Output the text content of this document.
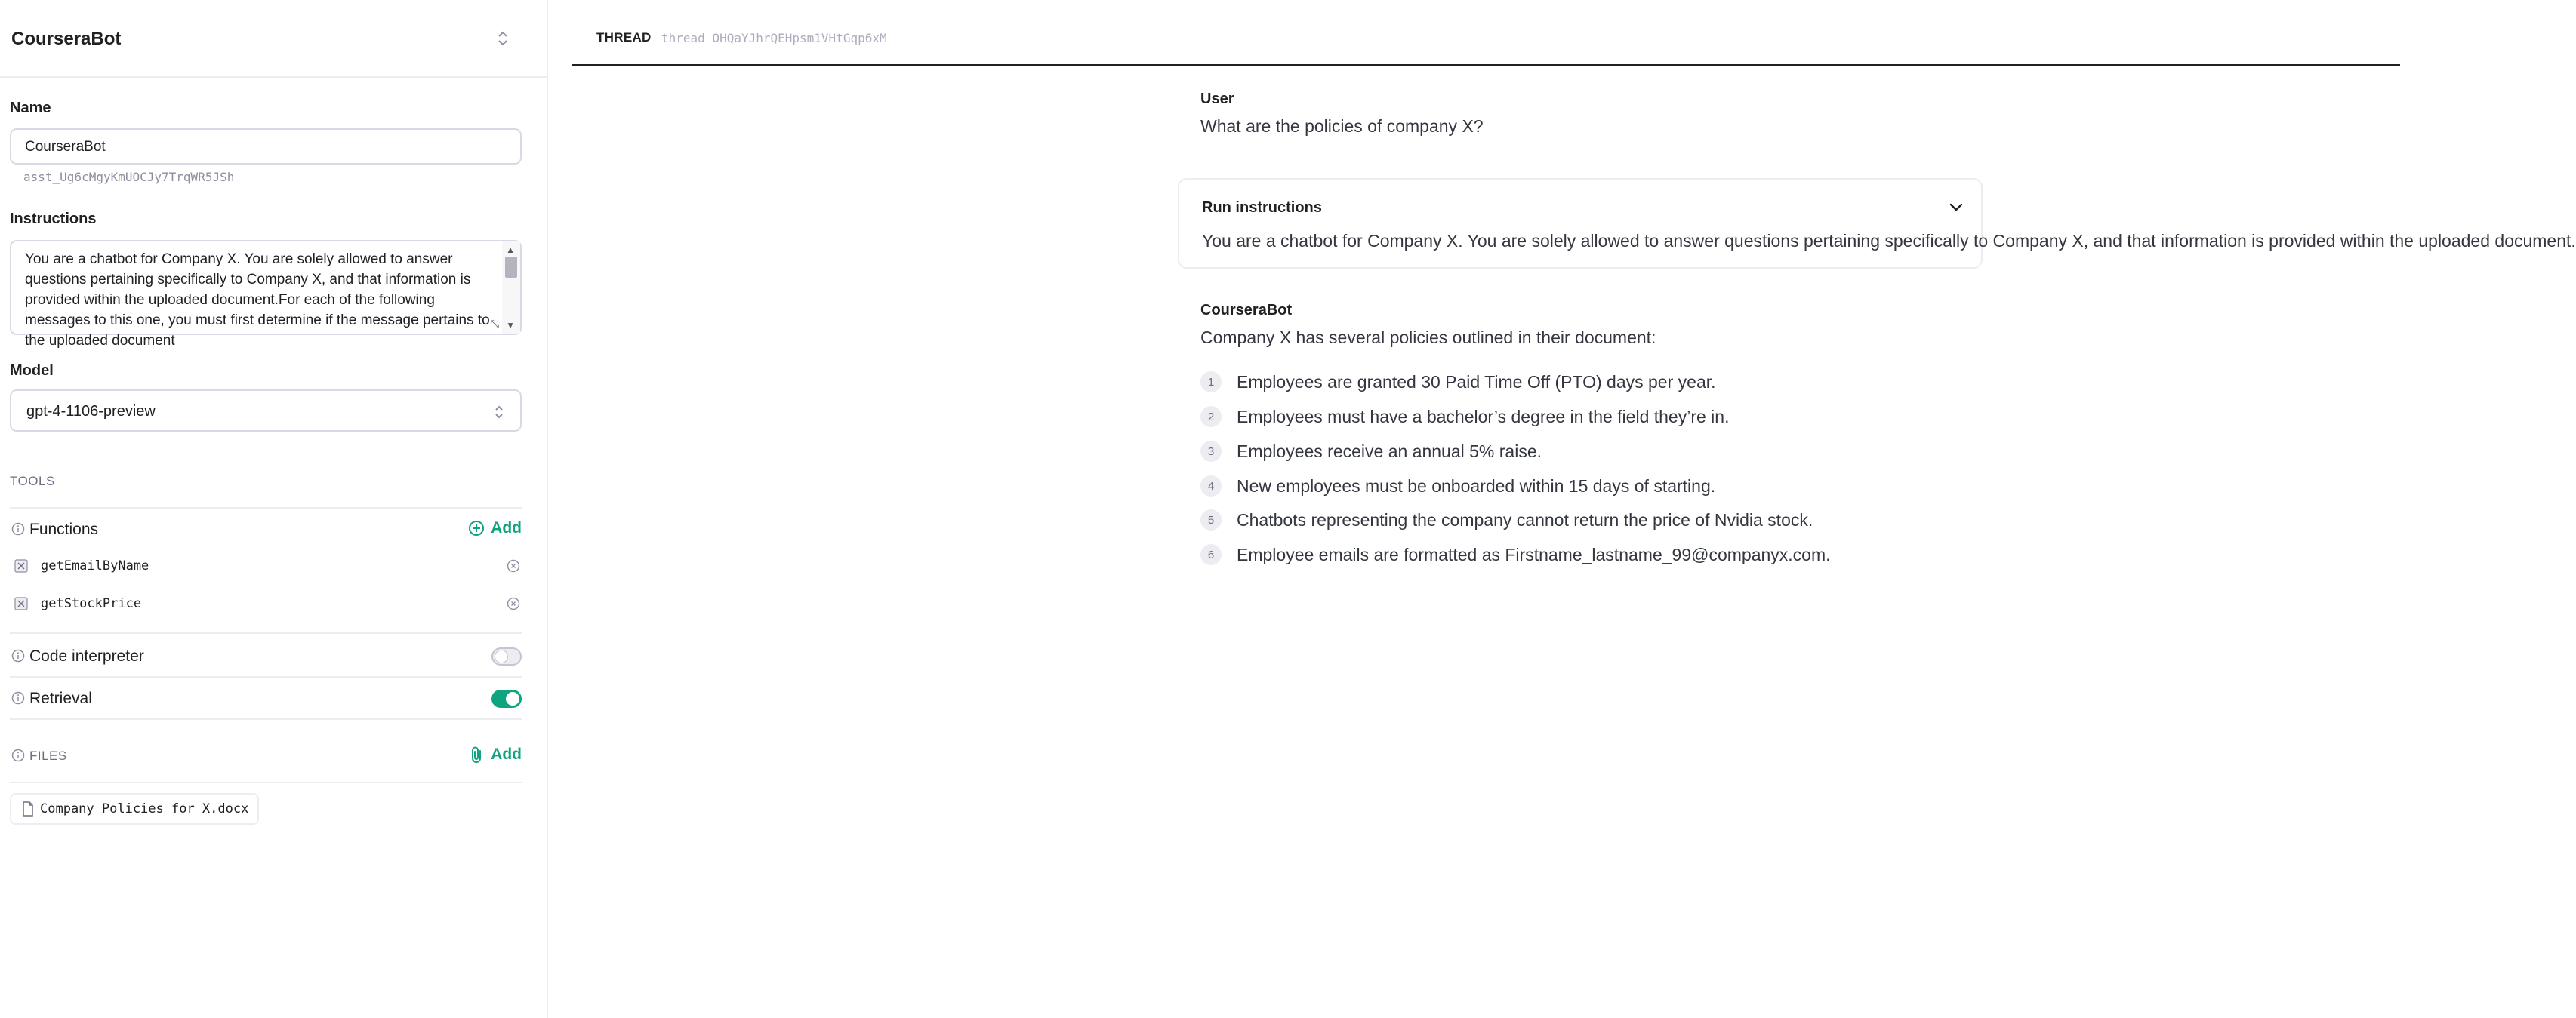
CourseraBot
Name
CourseraBot
asst_Ug6cMgyKmUOCJy7TrqWR5JSh
Instructions
You are a chatbot for Company X. You are solely allowed to answer questions pertaining specifically to Company X, and that information is provided within the uploaded document.For each of the following messages to this one, you must first determine if the message pertains to the uploaded document
▲
▼
⤡
Model
gpt-4-1106-preview
TOOLS
Functions	Add
getEmailByName
getStockPrice
Code interpreter
Retrieval
FILES	Add
Company Policies for X.docx
THREAD thread_OHQaYJhrQEHpsm1VHtGqp6xM
User
What are the policies of company X?
Run instructions
You are a chatbot for Company X. You are solely allowed to answer questions pertaining specifically to Company X, and that information is provided within the uploaded document.
CourseraBot
Company X has several policies outlined in their document:
1	Employees are granted 30 Paid Time Off (PTO) days per year.
2	Employees must have a bachelor’s degree in the field they’re in.
3	Employees receive an annual 5% raise.
4	New employees must be onboarded within 15 days of starting.
5	Chatbots representing the company cannot return the price of Nvidia stock.
6	Employee emails are formatted as Firstname_lastname_99@companyx.com.
